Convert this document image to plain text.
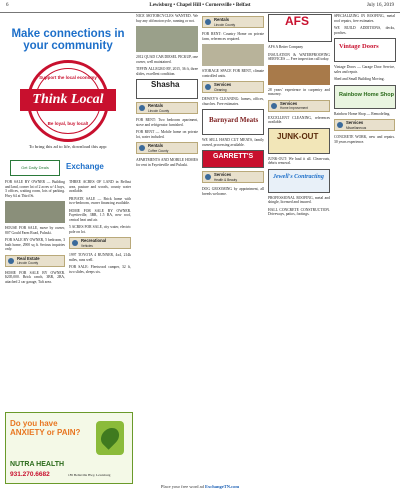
6	Lewisburg • Chapel Hill • Cornersville • Belfast	July 16, 2019
Make connections in your community
Support the local economy
Think Local
Be loyal, buy local!
To bring this ad to life, download this app:
Get Daily Deals	Exchange

FOR SALE BY OWNER — Building and land, corner lot of 2 acres w/ 4 bays, 3 offices, waiting room, lots of parking. Hwy 64 at Third St.

HOUSE FOR SALE, move by owner, 807 Gould Farm Road, Pulaski.

FOR SALE BY OWNER, 5 bedroom, 3 bath home, 2900 sq ft. Serious inquiries only.

Real Estate
Lincoln County

HOME FOR SALE BY OWNER. $205,000. Brick ranch, 3BR, 2BA, attached 2 car garage, Taft area.

THREE ACRES OF LAND in Belfast area, pasture and woods, county water available.

PRIVATE SALE — Brick home with two-bedroom, owner financing available.

HOME FOR SALE BY OWNER. Fayetteville, 3BR, 1.5 BA, new roof, central heat and air.

5 ACRES FOR SALE, city water, electric pole on lot.

Recreational
Vehicles

1997 TOYOTA 4 RUNNER, 4x4, 214k miles, runs well.

FOR SALE: Fleetwood camper, 32 ft, two slides, sleeps six.

Do you have ANXIETY or PAIN?
NUTRA HEALTH
931.270.6682	185 Belleville Hwy, Lewisburg

NICE MOTORCYCLES WANTED. We buy any old motorcycle, running or not.

2012 QUAD CAB DIESEL PICKUP, one owner, well maintained.

TIFFIN ALLEGRO RV, 2015, 36 ft, three slides, excellent condition.

Shasha
Rentals
Lincoln County

FOR RENT: Two bedroom apartment, stove and refrigerator furnished.

FOR RENT — Mobile home on private lot, water included.

Rentals
Coffee County

APARTMENTS AND MOBILE HOMES for rent in Fayetteville and Pulaski.

Rentals
Lincoln County

FOR RENT: Country Home on private farm, references required.

STORAGE SPACE FOR RENT, climate controlled units.

Services
Cleaning

DEWEY'S CLEANING: homes, offices, churches. Free estimates.

Barnyard Meats

WE SELL HAND CUT MEATS, family owned, processing available.

GARRETT'S
Services
Health & Beauty

DOG GROOMING by appointment, all breeds welcome.

AFS

AFS A Better Company

INSULATION & WATERPROOFING SERVICES — Free inspection call today.

28 years' experience in carpentry and masonry.

Services
Home Improvement

EXCELLENT CLEANING, references available.

JUNK-OUT

JUNK-OUT: We haul it all. Clean-outs, debris removal.

Jewell's Contracting

PROFESSIONAL ROOFING, metal and shingle, licensed and insured.

HALL CONCRETE CONSTRUCTION. Driveways, patios, footings.

SPECIALIZING IN ROOFING, metal roof repairs, free estimates.

WE BUILD ADDITIONS, decks, porches.

Vintage Doors

Vintage Doors — Garage Door Service, sales and repair.

Shed and Small Building Moving.

Rainbow Home Shop

Rainbow Home Shop — Remodeling.

Services
Miscellaneous

CONCRETE WORK, new and repairs. 30 years experience.

Place your free word ad ExchangeTN.com
